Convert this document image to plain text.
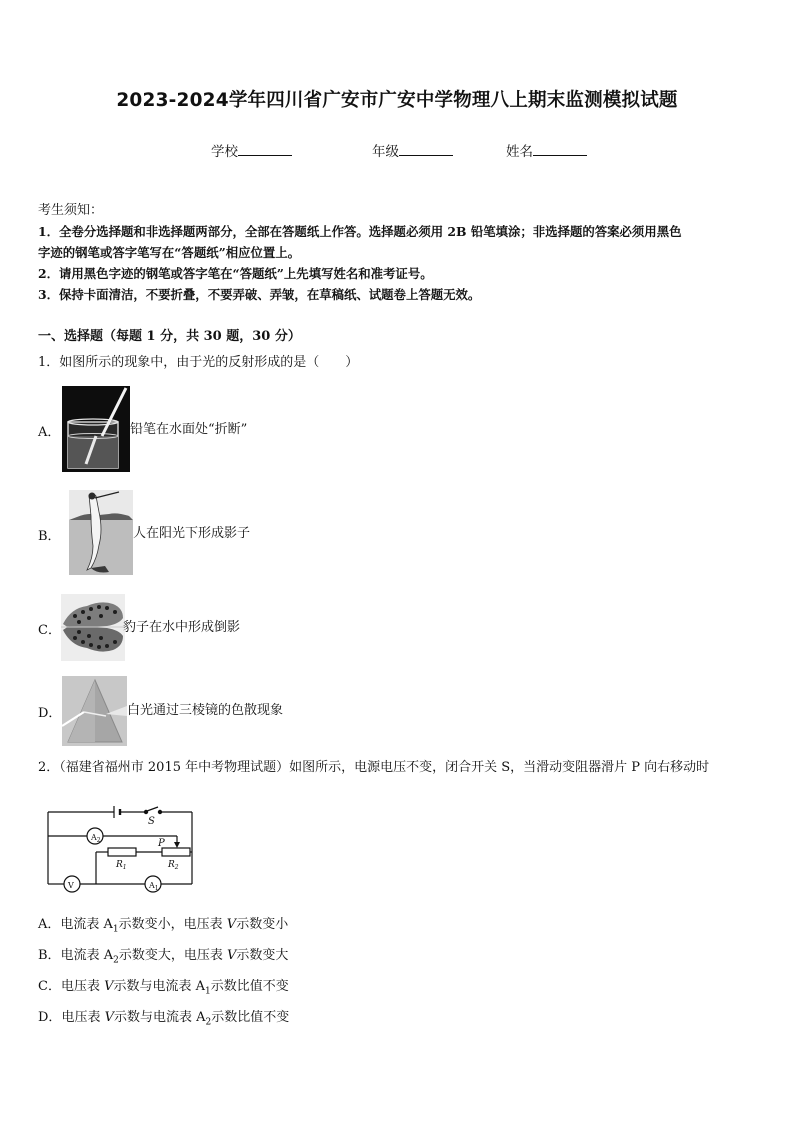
2023-2024学年四川省广安市广安中学物理八上期末监测模拟试题
学校	年级	姓名
考生须知：
1．全卷分选择题和非选择题两部分，全部在答题纸上作答。选择题必须用 2B 铅笔填涂；非选择题的答案必须用黑色
字迹的钢笔或答字笔写在“答题纸”相应位置上。
2．请用黑色字迹的钢笔或答字笔在“答题纸”上先填写姓名和准考证号。
3．保持卡面清洁，不要折叠，不要弄破、弄皱，在草稿纸、试题卷上答题无效。
一、选择题（每题 1 分，共 30 题，30 分）
1．如图所示的现象中，由于光的反射形成的是（　　）
A．	铅笔在水面处“折断”
B．	人在阳光下形成影子
C．	豹子在水中形成倒影
D．	白光通过三棱镜的色散现象
2．（福建省福州市 2015 年中考物理试题）如图所示，电源电压不变，闭合开关 S，当滑动变阻器滑片 P 向右移动时
S
$A_2$	P
$R_1$	$R_2$
V	$A_1$
A．电流表 $A_1$示数变小，电压表 V示数变小
B．电流表 $A_2$示数变大，电压表 V示数变大
C．电压表 V示数与电流表 $A_1$示数比值不变
D．电压表 V示数与电流表 $A_2$示数比值不变
